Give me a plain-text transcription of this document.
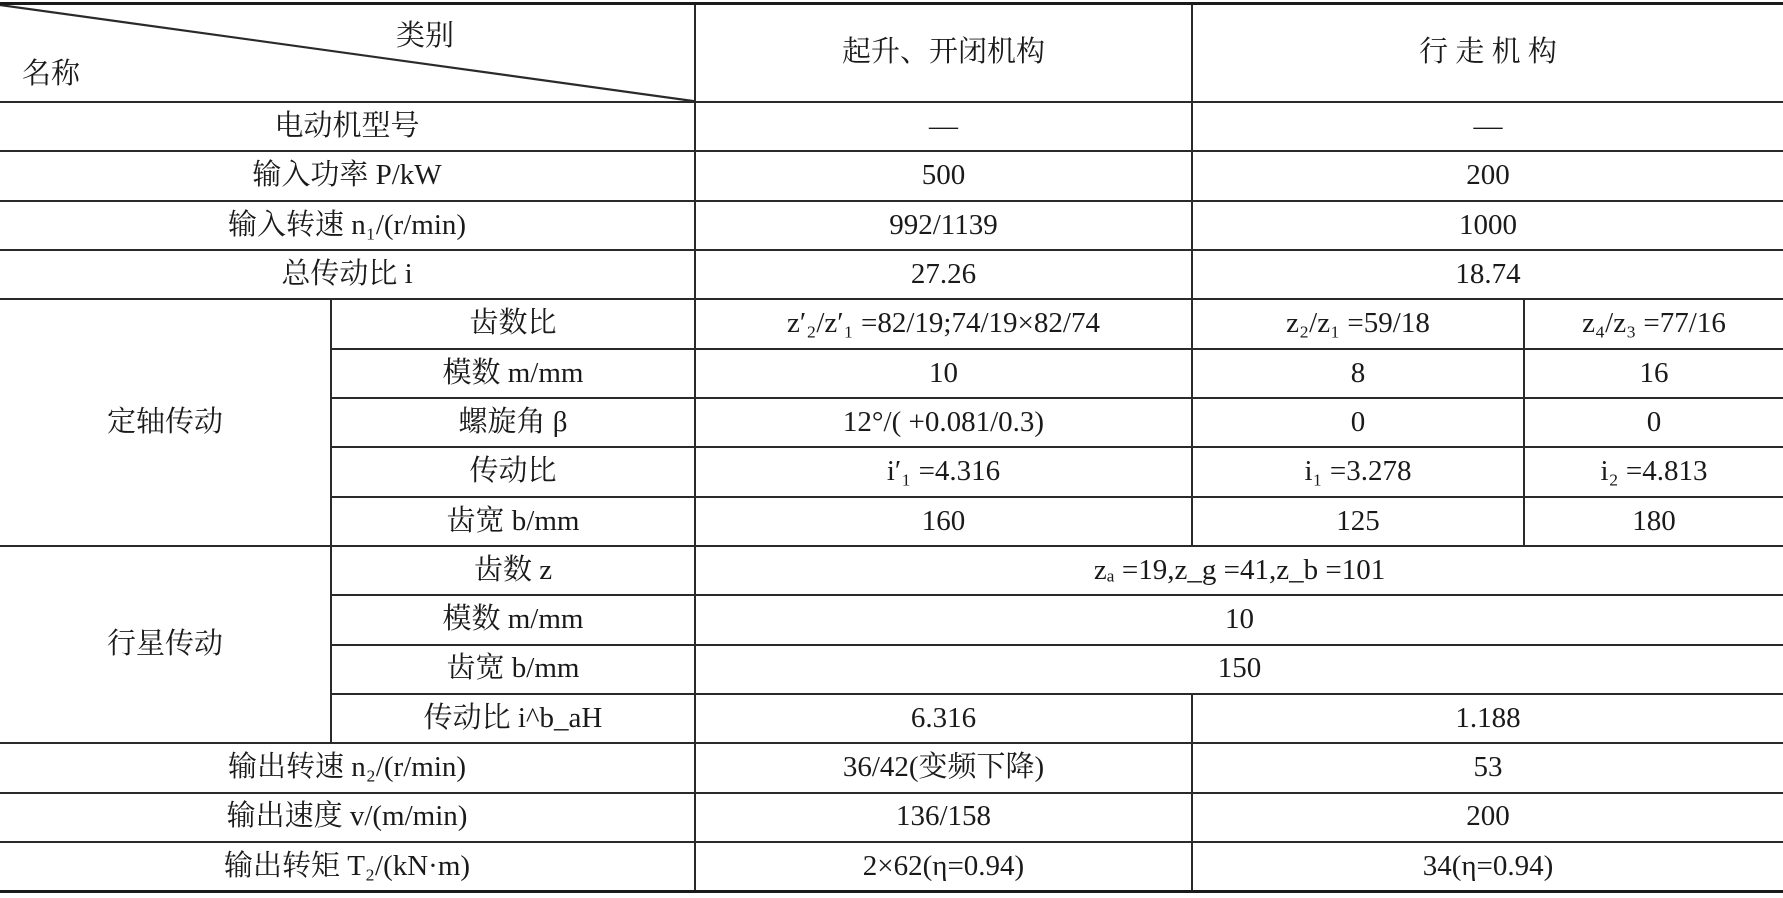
类别
名称		起升、开闭机构	行 走 机 构	
电动机型号		—	—	
输入功率 P/kW		500	200	
输入转速 n₁/(r/min)		992/1139	1000	
总传动比 i		27.26	18.74	
定轴传动	齿数比	z′₂/z′₁ =82/19;74/19×82/74	z₂/z₁ =59/18	z₄/z₃ =77/16
	模数 m/mm	10	8	16
	螺旋角 β	12°/( +0.081/0.3)	0	0
	传动比	i′₁ =4.316	i₁ =3.278	i₂ =4.813
	齿宽 b/mm	160	125	180
行星传动	齿数 z	zₐ =19,z_g =41,z_b =101		
	模数 m/mm	10		
	齿宽 b/mm	150		
	传动比 i^b_aH	6.316	1.188	
输出转速 n₂/(r/min)		36/42(变频下降)	53	
输出速度 v/(m/min)		136/158	200	
输出转矩 T₂/(kN·m)		2×62(η=0.94)	34(η=0.94)	
